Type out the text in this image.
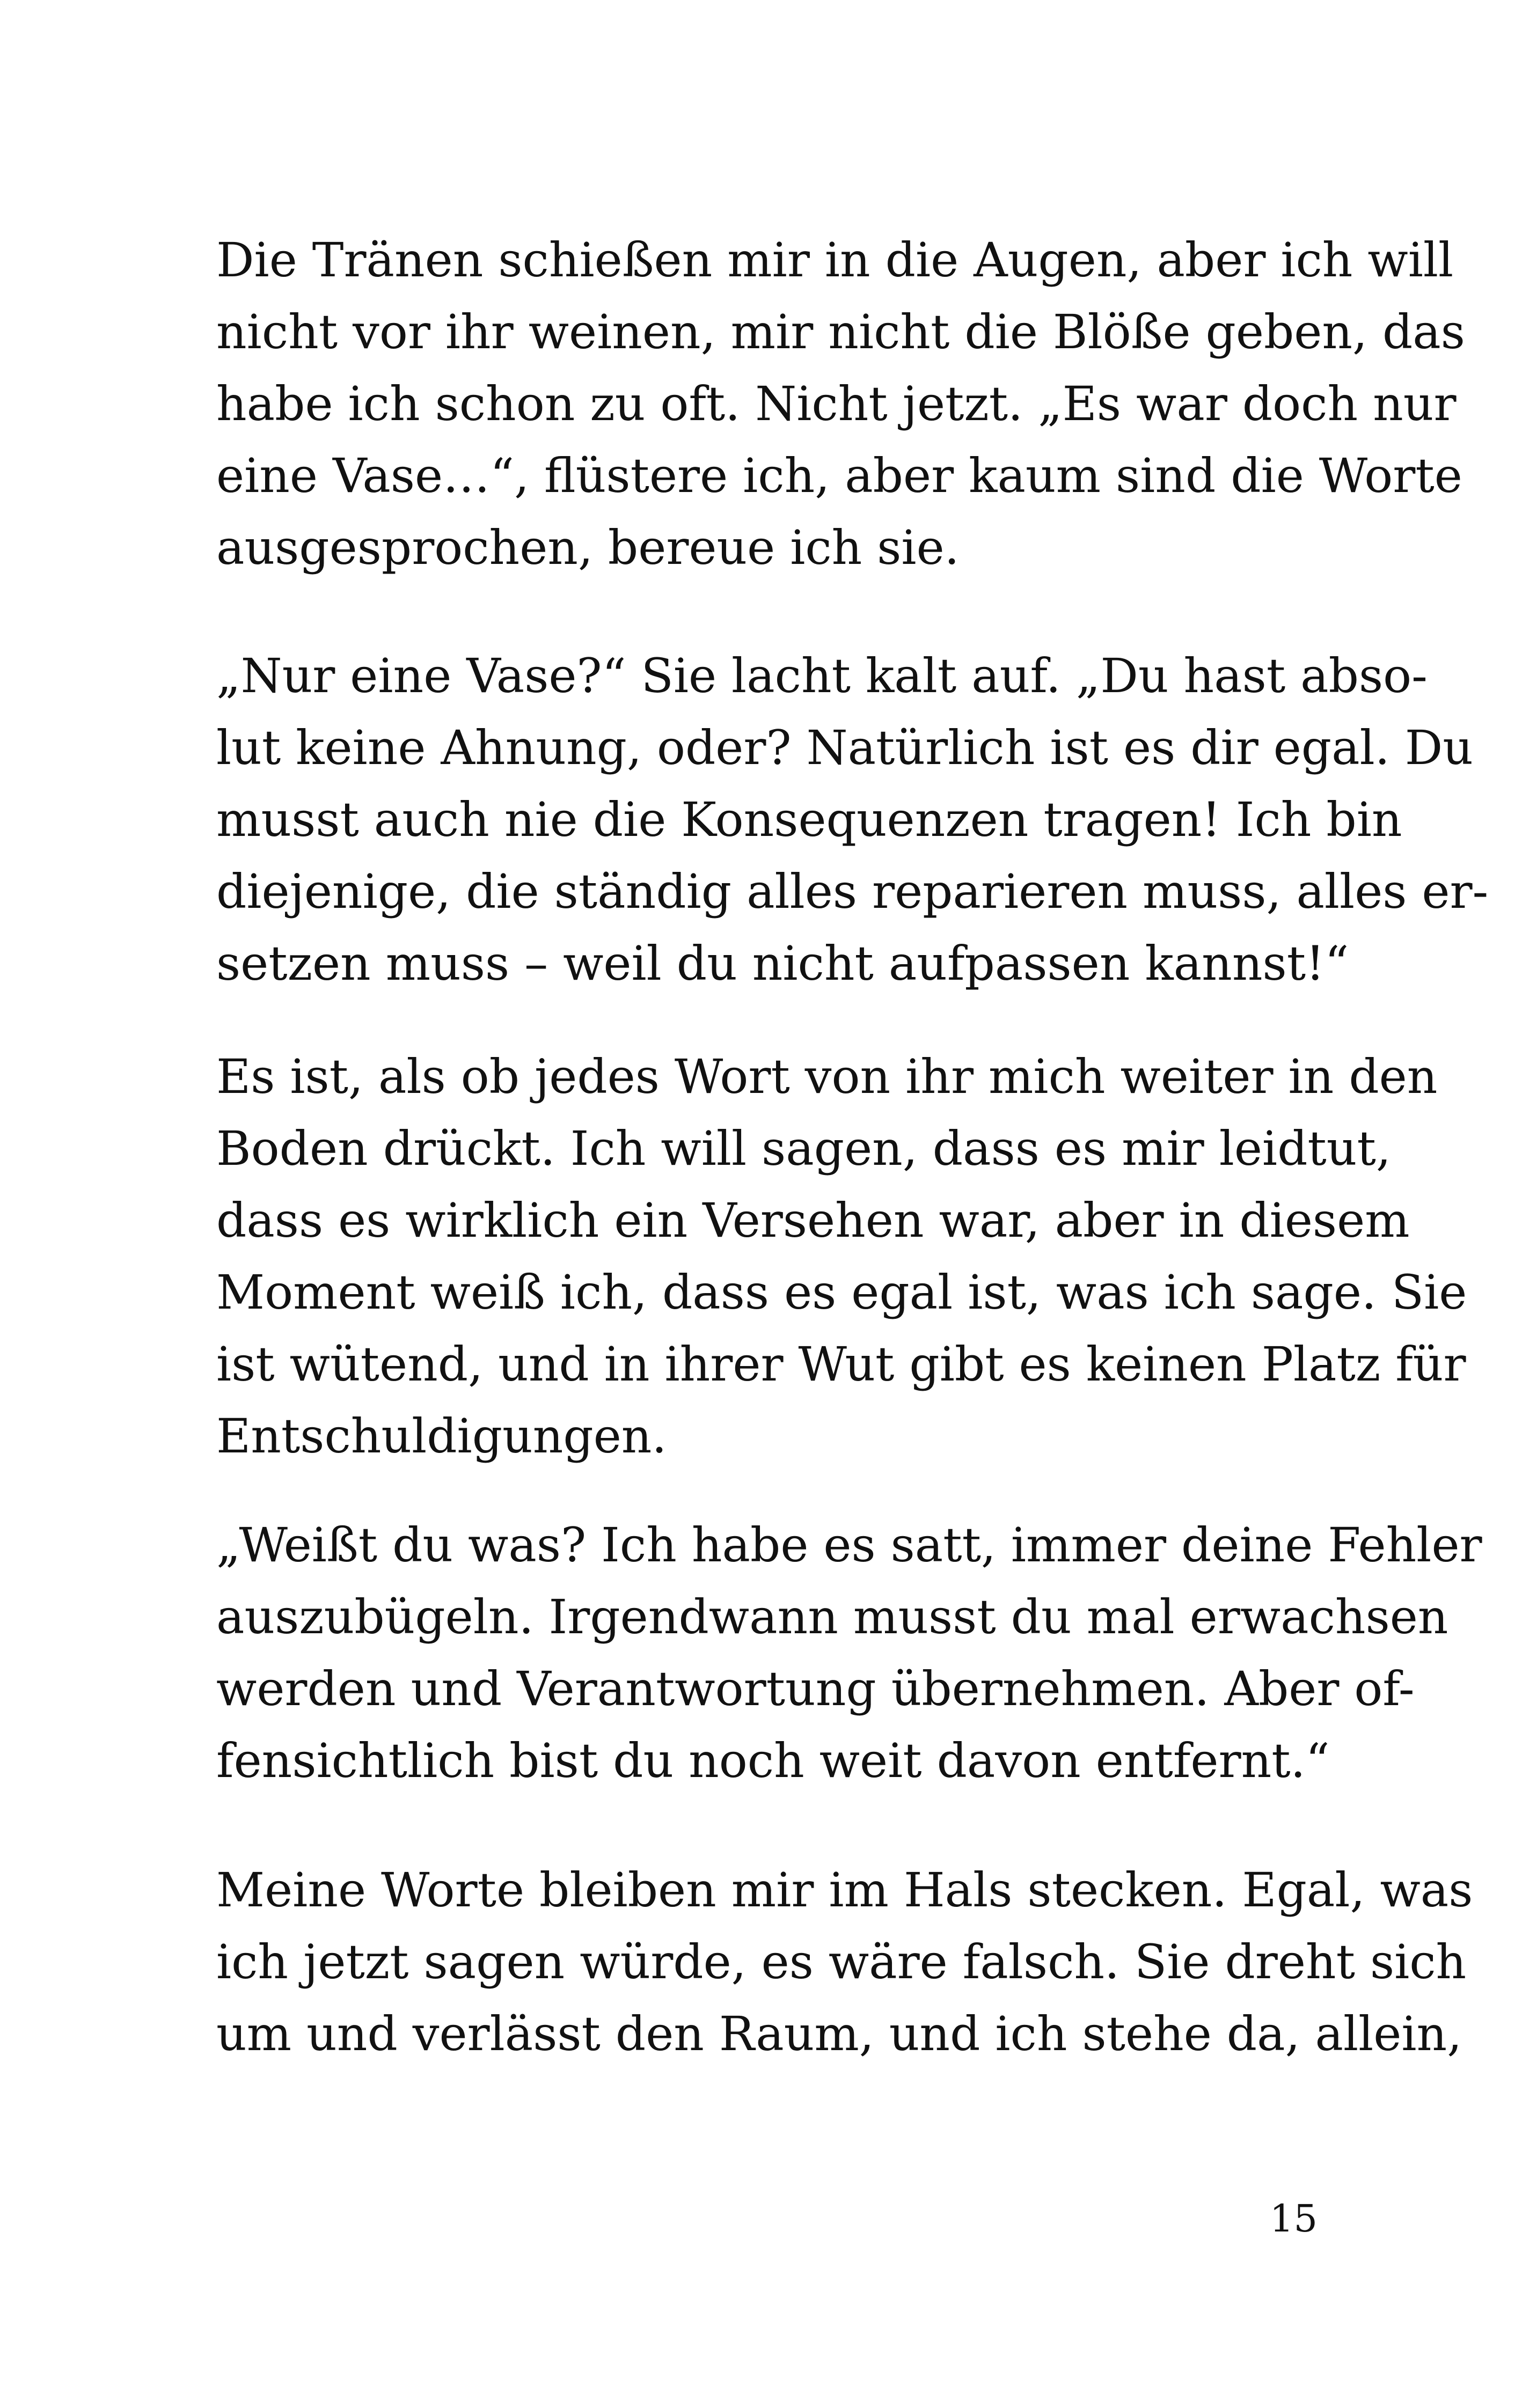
Die Tränen schießen mir in die Augen, aber ich will
nicht vor ihr weinen, mir nicht die Blöße geben, das
habe ich schon zu oft. Nicht jetzt. „Es war doch nur
eine Vase…“, flüstere ich, aber kaum sind die Worte
ausgesprochen, bereue ich sie.
„Nur eine Vase?“ Sie lacht kalt auf. „Du hast abso-
lut keine Ahnung, oder? Natürlich ist es dir egal. Du
musst auch nie die Konsequenzen tragen! Ich bin
diejenige, die ständig alles reparieren muss, alles er-
setzen muss – weil du nicht aufpassen kannst!“
Es ist, als ob jedes Wort von ihr mich weiter in den
Boden drückt. Ich will sagen, dass es mir leidtut,
dass es wirklich ein Versehen war, aber in diesem
Moment weiß ich, dass es egal ist, was ich sage. Sie
ist wütend, und in ihrer Wut gibt es keinen Platz für
Entschuldigungen.
„Weißt du was? Ich habe es satt, immer deine Fehler
auszubügeln. Irgendwann musst du mal erwachsen
werden und Verantwortung übernehmen. Aber of-
fensichtlich bist du noch weit davon entfernt.“
Meine Worte bleiben mir im Hals stecken. Egal, was
ich jetzt sagen würde, es wäre falsch. Sie dreht sich
um und verlässt den Raum, und ich stehe da, allein,
15
